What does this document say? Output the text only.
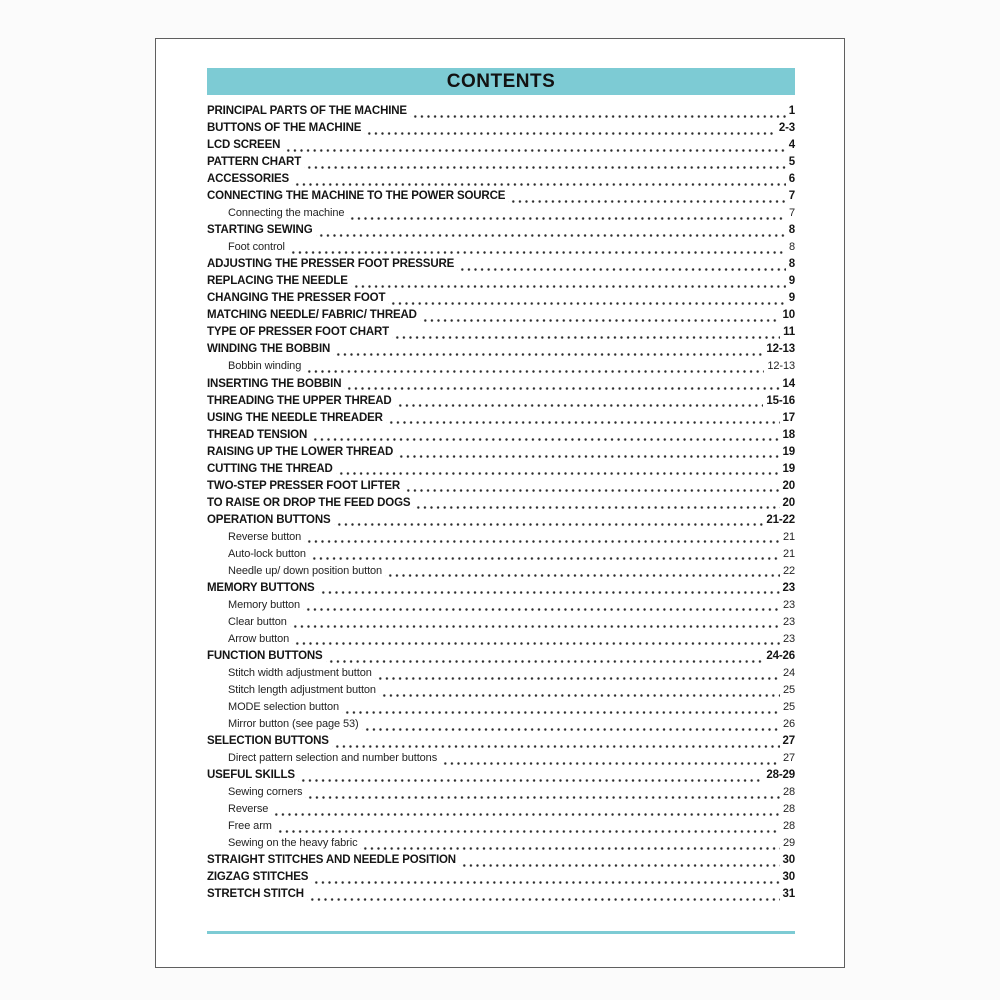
CONTENTS
PRINCIPAL PARTS OF THE MACHINE	1
BUTTONS OF THE MACHINE	2-3
LCD SCREEN	4
PATTERN CHART	5
ACCESSORIES	6
CONNECTING THE MACHINE TO THE POWER SOURCE	7
Connecting the machine	7
STARTING SEWING	8
Foot control	8
ADJUSTING THE PRESSER FOOT PRESSURE	8
REPLACING THE NEEDLE	9
CHANGING THE PRESSER FOOT	9
MATCHING NEEDLE/ FABRIC/ THREAD	10
TYPE OF PRESSER FOOT CHART	11
WINDING THE BOBBIN	12-13
Bobbin winding	12-13
INSERTING THE BOBBIN	14
THREADING THE UPPER THREAD	15-16
USING THE NEEDLE THREADER	17
THREAD TENSION	18
RAISING UP THE LOWER THREAD	19
CUTTING THE THREAD	19
TWO-STEP PRESSER FOOT LIFTER	20
TO RAISE OR DROP THE FEED DOGS	20
OPERATION BUTTONS	21-22
Reverse button	21
Auto-lock button	21
Needle up/ down position button	22
MEMORY BUTTONS	23
Memory button	23
Clear button	23
Arrow button	23
FUNCTION BUTTONS	24-26
Stitch width adjustment button	24
Stitch length adjustment button	25
MODE selection button	25
Mirror button (see page 53)	26
SELECTION BUTTONS	27
Direct pattern selection and number buttons	27
USEFUL SKILLS	28-29
Sewing corners	28
Reverse	28
Free arm	28
Sewing on the heavy fabric	29
STRAIGHT STITCHES AND NEEDLE POSITION	30
ZIGZAG STITCHES	30
STRETCH STITCH	31
